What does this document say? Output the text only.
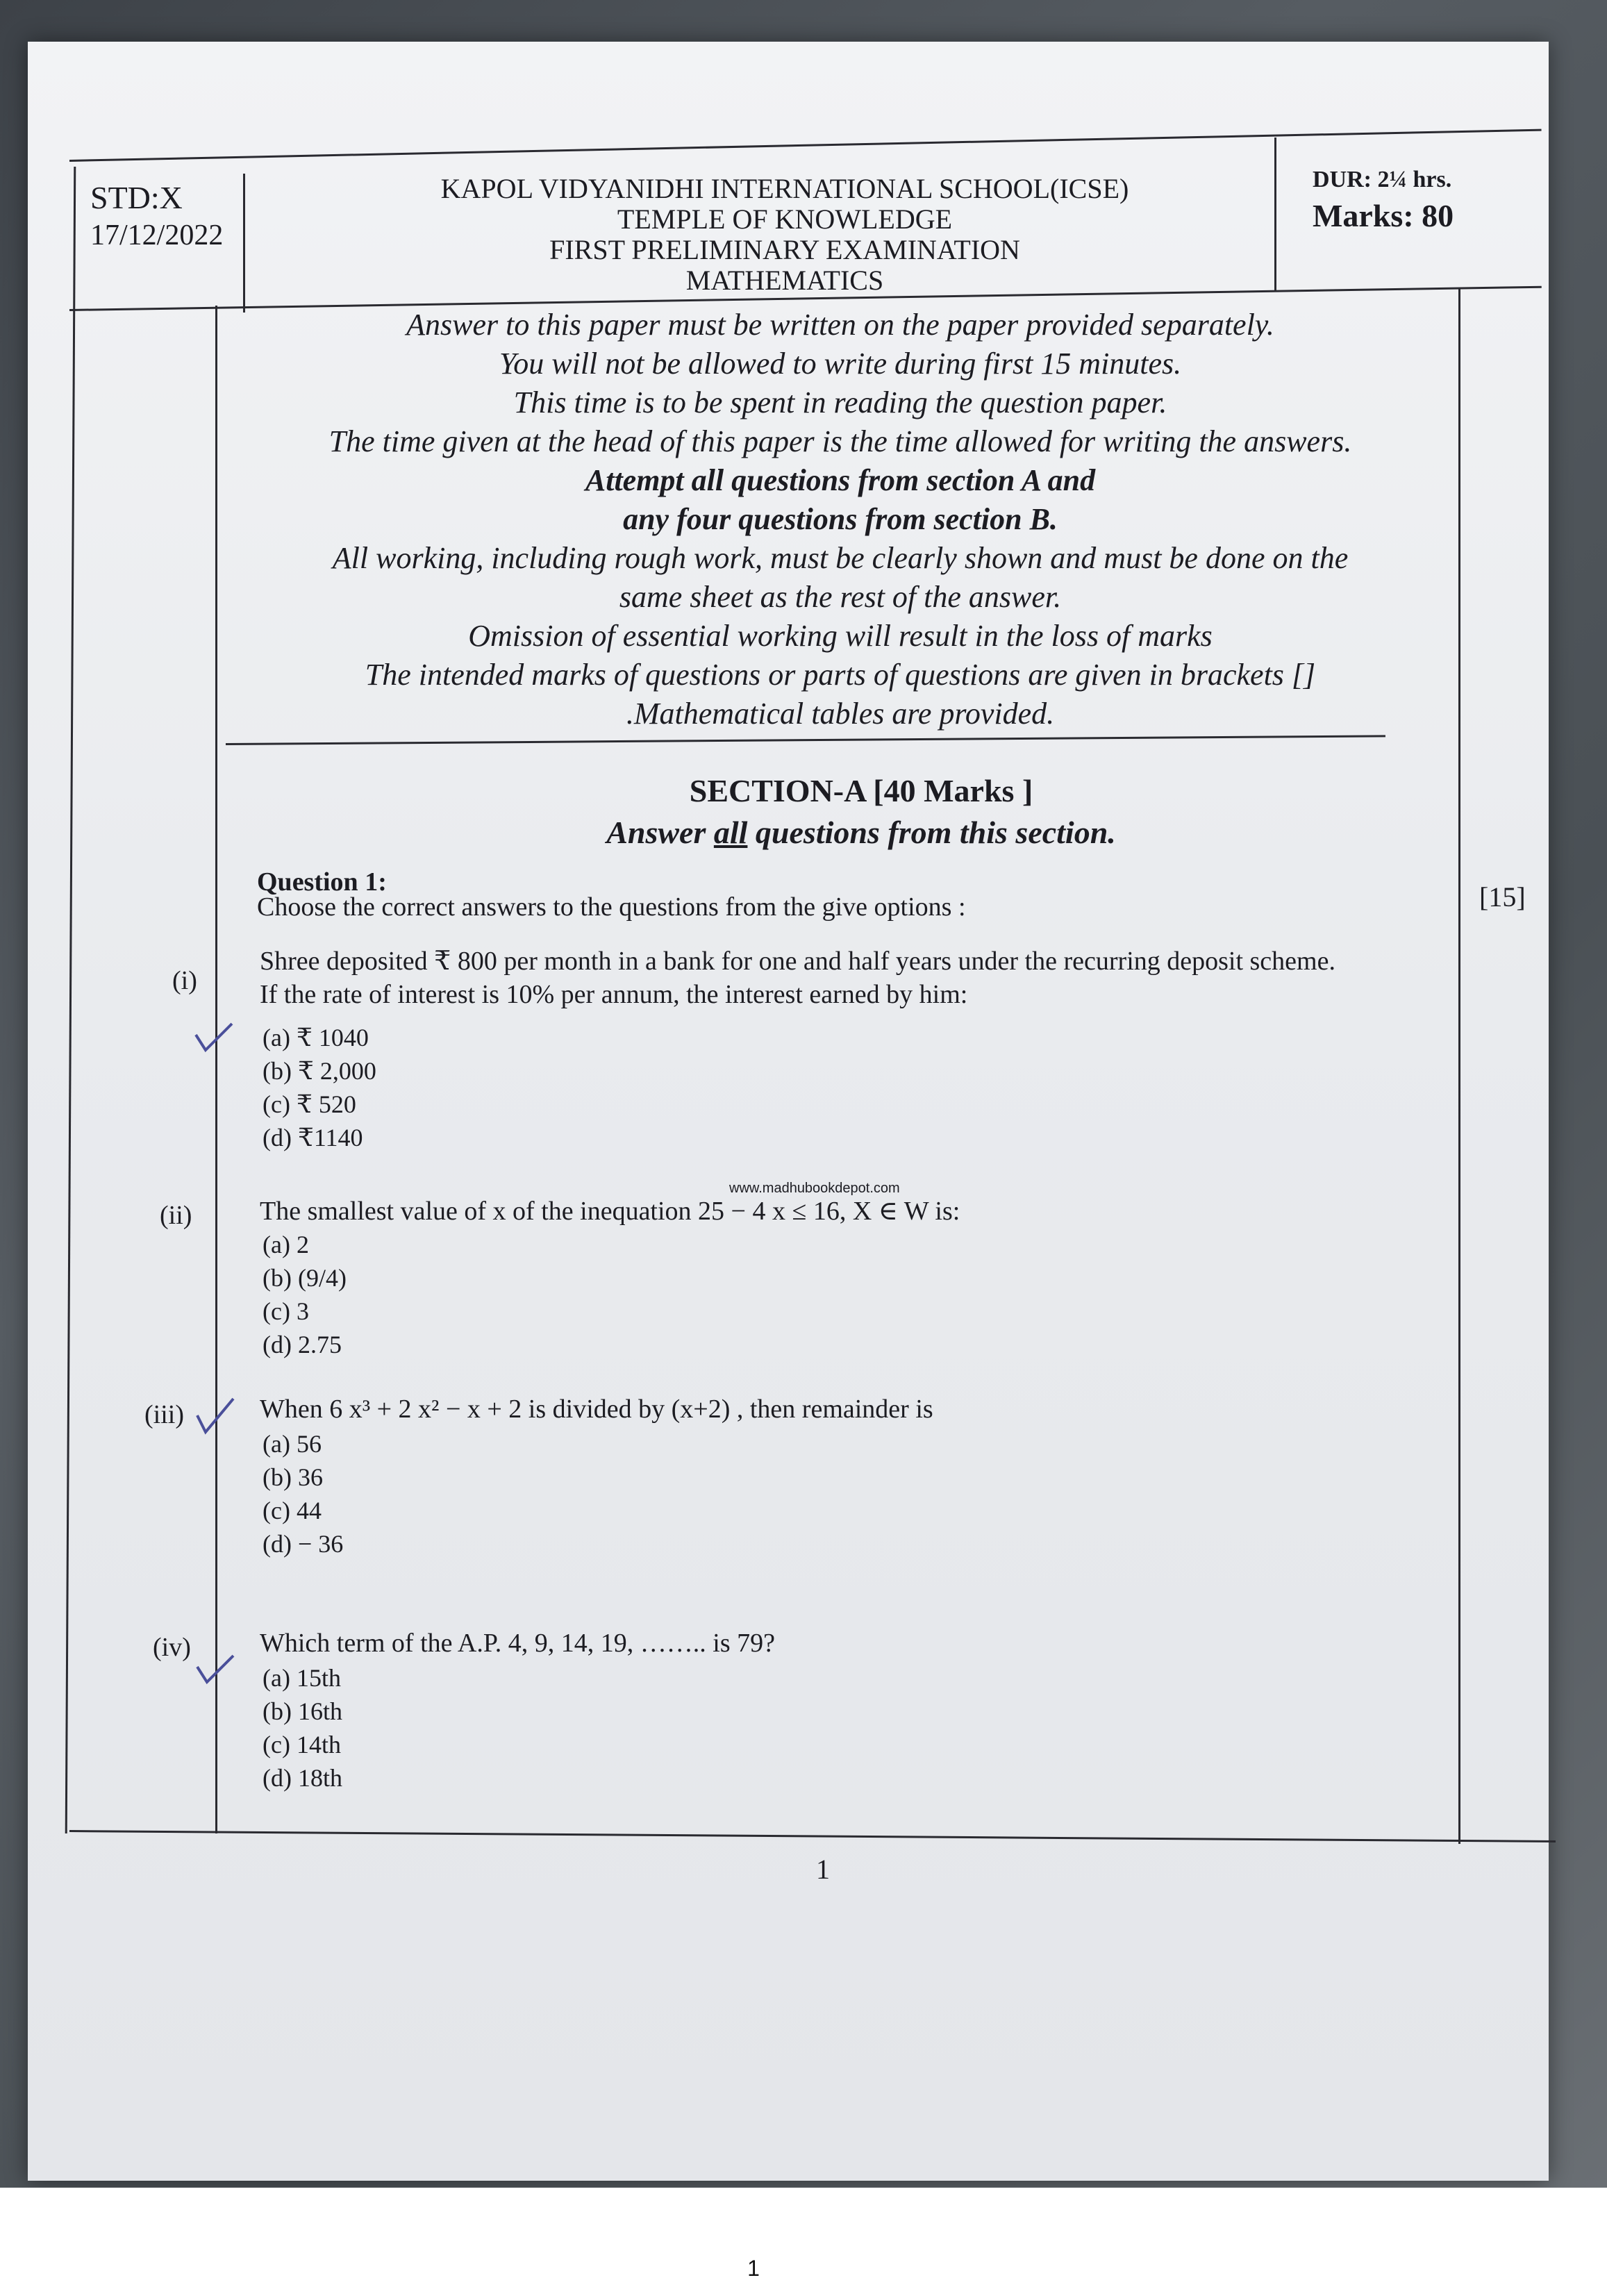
STD:X
17/12/2022
KAPOL VIDYANIDHI INTERNATIONAL SCHOOL(ICSE)
TEMPLE OF KNOWLEDGE
FIRST PRELIMINARY EXAMINATION
MATHEMATICS
DUR: 2¼ hrs.
Marks: 80
Answer to this paper must be written on the paper provided separately.
You will not be allowed to write during first 15 minutes.
This time is to be spent in reading the question paper.
The time given at the head of this paper is the time allowed for writing the answers.
Attempt all questions from section A and
any four questions from section B.
All working, including rough work, must be clearly shown and must be done on the
same sheet as the rest of the answer.
Omission of essential working will result in the loss of marks
The intended marks of questions or parts of questions are given in brackets []
.Mathematical tables are provided.
SECTION-A [40 Marks ]
Answer all questions from this section.
Question 1:
Choose the correct answers to the questions from the give options :	[15]
(i)
Shree deposited ₹ 800 per month in a bank for one and half years under the recurring deposit scheme.
If the rate of interest is 10% per annum, the interest earned by him:
(a) ₹ 1040
(b) ₹ 2,000
(c) ₹ 520
(d) ₹1140
www.madhubookdepot.com
(ii)	The smallest value of x of the inequation 25 − 4 x ≤ 16, X ∈ W is:
(a) 2
(b) (9/4)
(c) 3
(d) 2.75
(iii)	When 6 x³ + 2 x² − x + 2 is divided by (x+2) , then remainder is
(a) 56
(b) 36
(c) 44
(d) − 36
(iv)	Which term of the A.P. 4, 9, 14, 19, …….. is 79?
(a) 15th
(b) 16th
(c) 14th
(d) 18th
1
1
